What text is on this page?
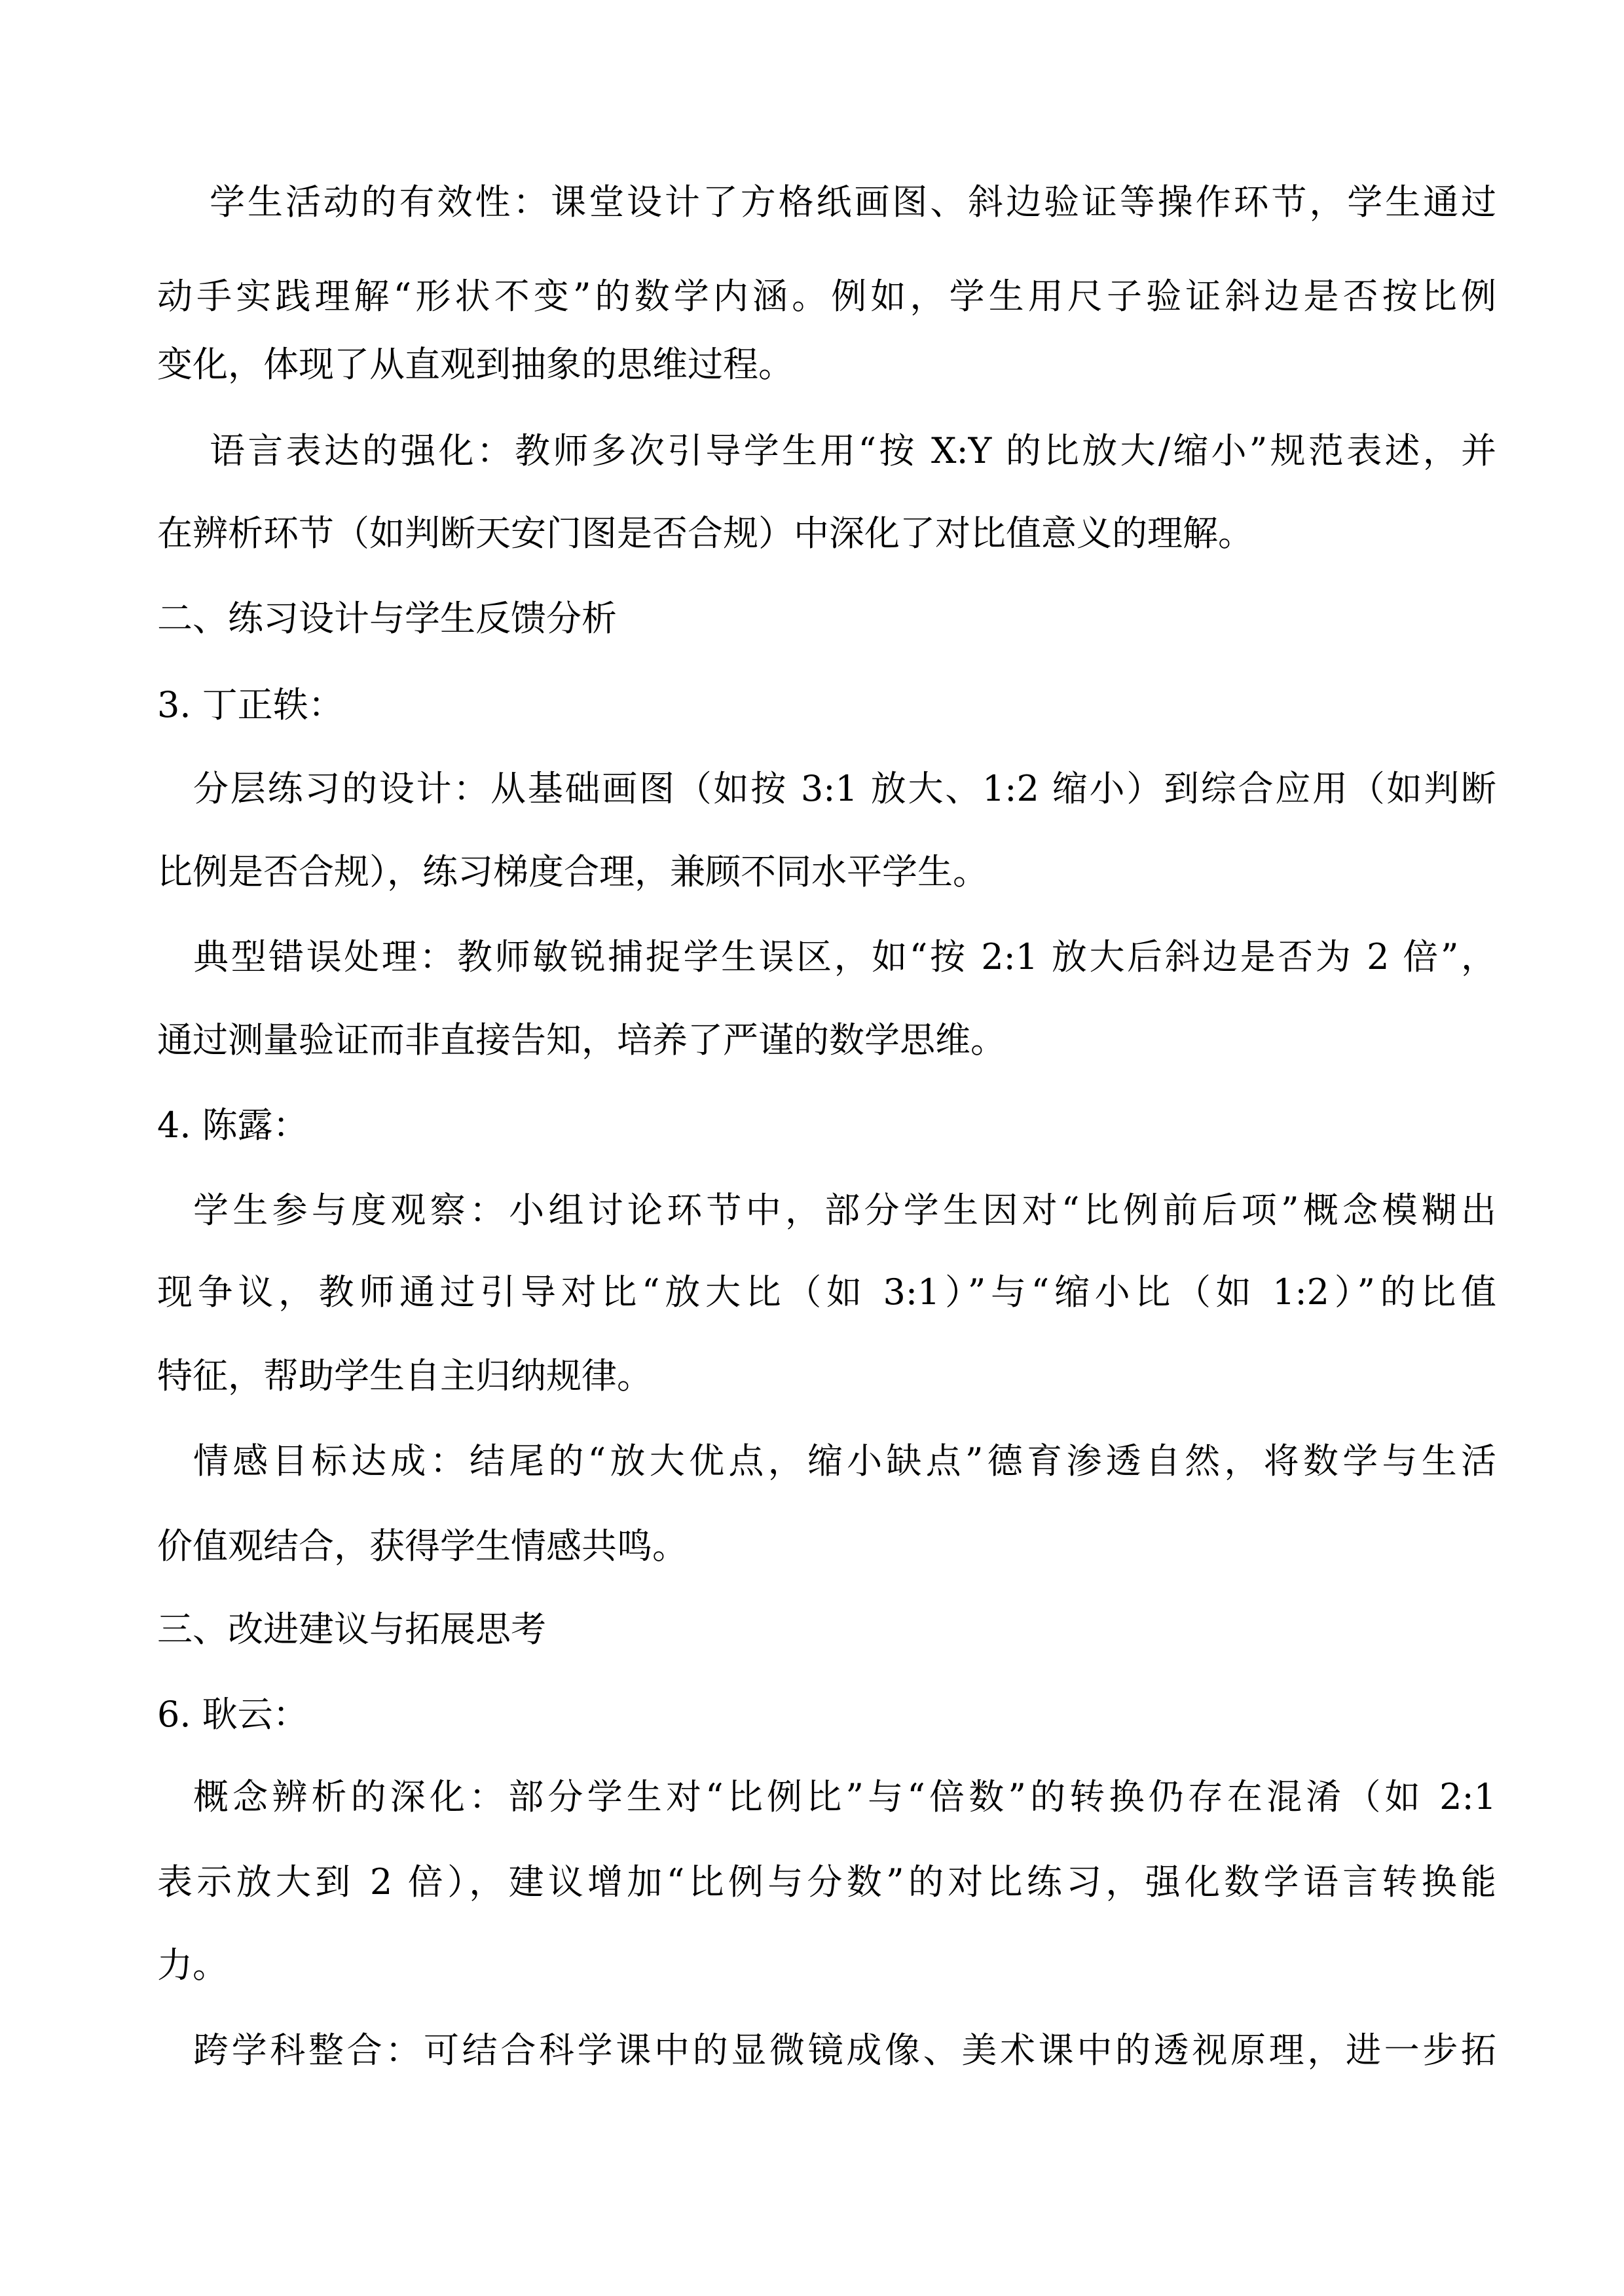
学生活动的有效性：课堂设计了方格纸画图、斜边验证等操作环节，学生通过
动手实践理解“形状不变”的数学内涵。例如，学生用尺子验证斜边是否按比例
变化，体现了从直观到抽象的思维过程。
语言表达的强化：教师多次引导学生用“按 X:Y 的比放大/缩小”规范表述，并
在辨析环节（如判断天安门图是否合规）中深化了对比值意义的理解。
二、练习设计与学生反馈分析
3. 丁正轶：
分层练习的设计：从基础画图（如按 3:1 放大、1:2 缩小）到综合应用（如判断
比例是否合规），练习梯度合理，兼顾不同水平学生。
典型错误处理：教师敏锐捕捉学生误区，如“按 2:1 放大后斜边是否为 2 倍”，
通过测量验证而非直接告知，培养了严谨的数学思维。
4. 陈露：
学生参与度观察：小组讨论环节中，部分学生因对“比例前后项”概念模糊出
现争议，教师通过引导对比“放大比（如 3:1）”与“缩小比（如 1:2）”的比值
特征，帮助学生自主归纳规律。
情感目标达成：结尾的“放大优点，缩小缺点”德育渗透自然，将数学与生活
价值观结合，获得学生情感共鸣。
三、改进建议与拓展思考
6. 耿云：
概念辨析的深化：部分学生对“比例比”与“倍数”的转换仍存在混淆（如 2:1
表示放大到 2 倍），建议增加“比例与分数”的对比练习，强化数学语言转换能
力。
跨学科整合：可结合科学课中的显微镜成像、美术课中的透视原理，进一步拓
